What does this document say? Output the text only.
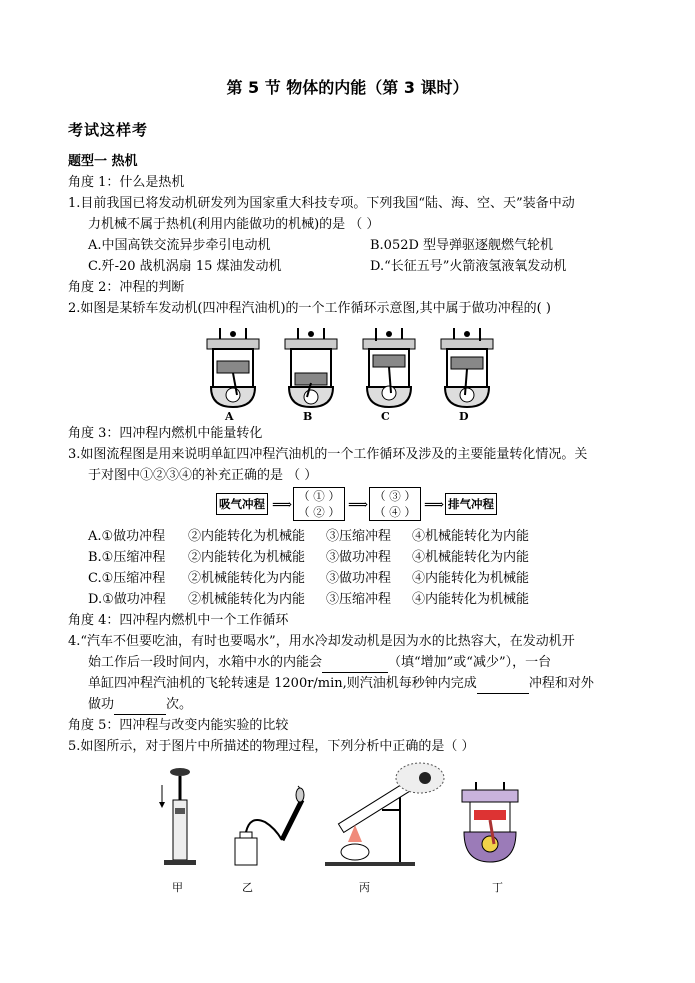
第 5 节 物体的内能（第 3 课时）
考试这样考
题型一 热机
角度 1：什么是热机
1.目前我国已将发动机研发列为国家重大科技专项。下列我国“陆、海、空、天”装备中动
力机械不属于热机(利用内能做功的机械)的是 （ ）
A.中国高铁交流异步牵引电动机	B.052D 型导弹驱逐舰燃气轮机
C.歼-20 战机涡扇 15 煤油发动机	D.“长征五号”火箭液氢液氧发动机
角度 2：冲程的判断
2.如图是某轿车发动机(四冲程汽油机)的一个工作循环示意图,其中属于做功冲程的( )
A	B	C	D
角度 3：四冲程内燃机中能量转化
3.如图流程图是用来说明单缸四冲程汽油机的一个工作循环及涉及的主要能量转化情况。关
于对图中①②③④的补充正确的是 （ ）
吸气冲程 ⟹
（ ① ）
（ ② ） ⟹
（ ③ ）
（ ④ ） ⟹ 排气冲程
A.①做功冲程 ②内能转化为机械能 ③压缩冲程 ④机械能转化为内能
B.①压缩冲程 ②内能转化为机械能 ③做功冲程 ④机械能转化为内能
C.①压缩冲程 ②机械能转化为内能 ③做功冲程 ④内能转化为机械能
D.①做功冲程 ②机械能转化为内能 ③压缩冲程 ④内能转化为机械能
角度 4：四冲程内燃机中一个工作循环
4.“汽车不但要吃油，有时也要喝水”，用水冷却发动机是因为水的比热容大，在发动机开
始工作后一段时间内，水箱中水的内能会	（填“增加”或“减少”），一台
单缸四冲程汽油机的飞轮转速是 1200r/min,则汽油机每秒钟内完成	冲程和对外
做功	次。
角度 5：四冲程与改变内能实验的比较
5.如图所示，对于图片中所描述的物理过程，下列分析中正确的是（ ）
甲	乙	丙	丁
